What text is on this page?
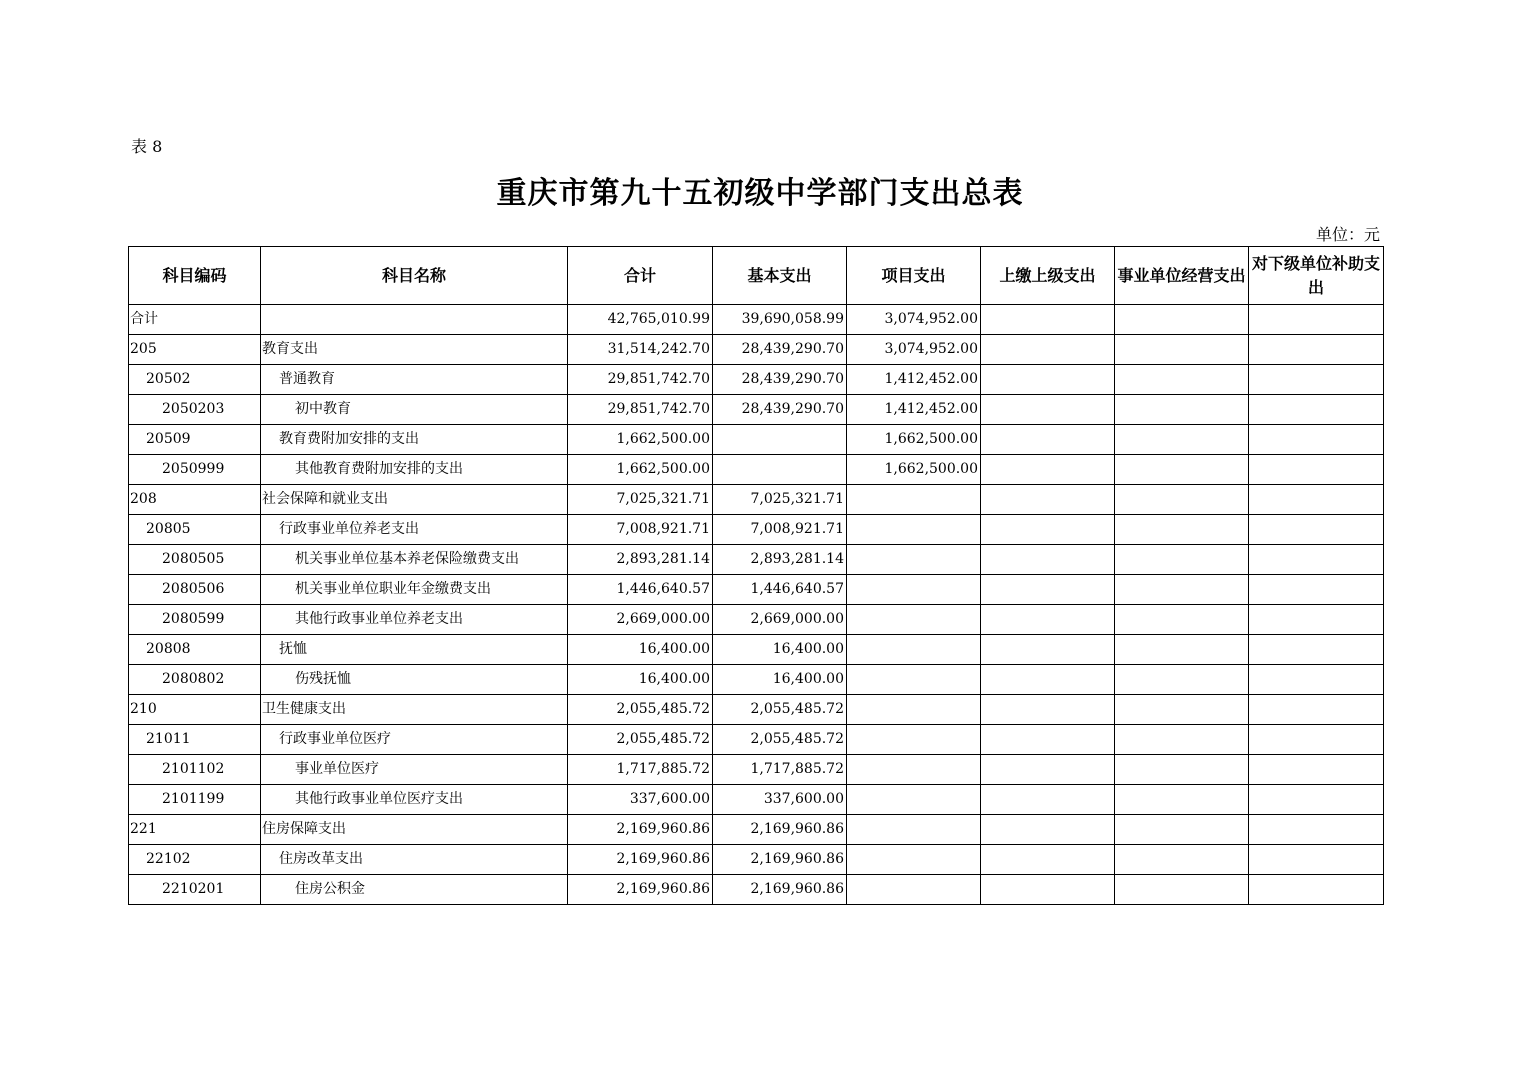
表 8
重庆市第九十五初级中学部门支出总表
单位：元
科目编码	科目名称	合计	基本支出	项目支出	上缴上级支出	事业单位经营支出	对下级单位补助支出
合计		42,765,010.99	39,690,058.99	3,074,952.00			
205	教育支出	31,514,242.70	28,439,290.70	3,074,952.00			
20502	普通教育	29,851,742.70	28,439,290.70	1,412,452.00			
2050203	初中教育	29,851,742.70	28,439,290.70	1,412,452.00			
20509	教育费附加安排的支出	1,662,500.00		1,662,500.00			
2050999	其他教育费附加安排的支出	1,662,500.00		1,662,500.00			
208	社会保障和就业支出	7,025,321.71	7,025,321.71				
20805	行政事业单位养老支出	7,008,921.71	7,008,921.71				
2080505	机关事业单位基本养老保险缴费支出	2,893,281.14	2,893,281.14				
2080506	机关事业单位职业年金缴费支出	1,446,640.57	1,446,640.57				
2080599	其他行政事业单位养老支出	2,669,000.00	2,669,000.00				
20808	抚恤	16,400.00	16,400.00				
2080802	伤残抚恤	16,400.00	16,400.00				
210	卫生健康支出	2,055,485.72	2,055,485.72				
21011	行政事业单位医疗	2,055,485.72	2,055,485.72				
2101102	事业单位医疗	1,717,885.72	1,717,885.72				
2101199	其他行政事业单位医疗支出	337,600.00	337,600.00				
221	住房保障支出	2,169,960.86	2,169,960.86				
22102	住房改革支出	2,169,960.86	2,169,960.86				
2210201	住房公积金	2,169,960.86	2,169,960.86				
